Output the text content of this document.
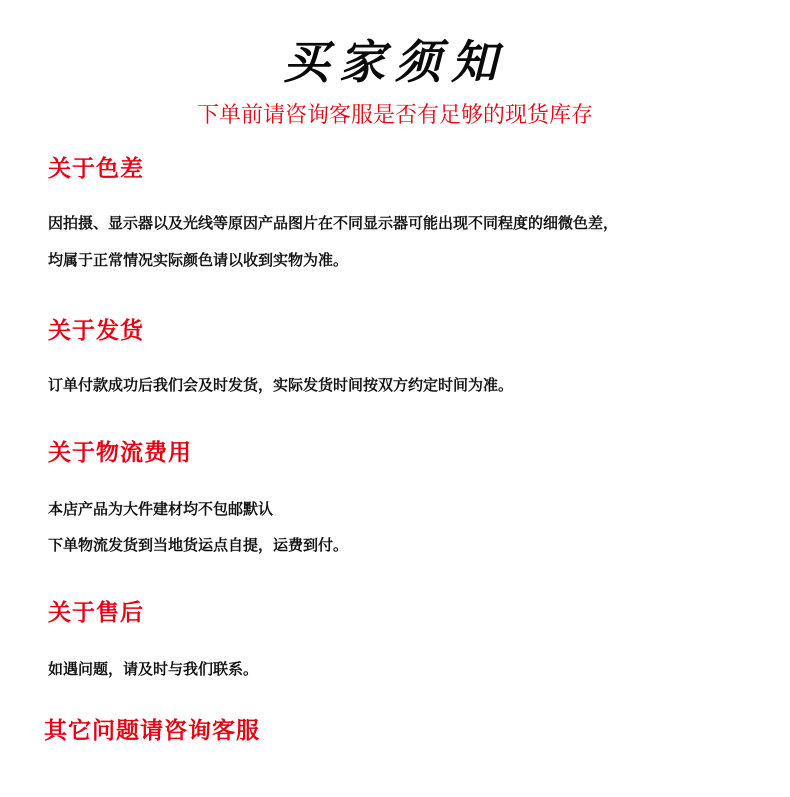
买家须知
下单前请咨询客服是否有足够的现货库存
关于色差
因拍摄、显示器以及光线等原因产品图片在不同显示器可能出现不同程度的细微色差，
均属于正常情况实际颜色请以收到实物为准。
关于发货
订单付款成功后我们会及时发货，实际发货时间按双方约定时间为准。
关于物流费用
本店产品为大件建材均不包邮默认
下单物流发货到当地货运点自提，运费到付。
关于售后
如遇问题，请及时与我们联系。
其它问题请咨询客服
